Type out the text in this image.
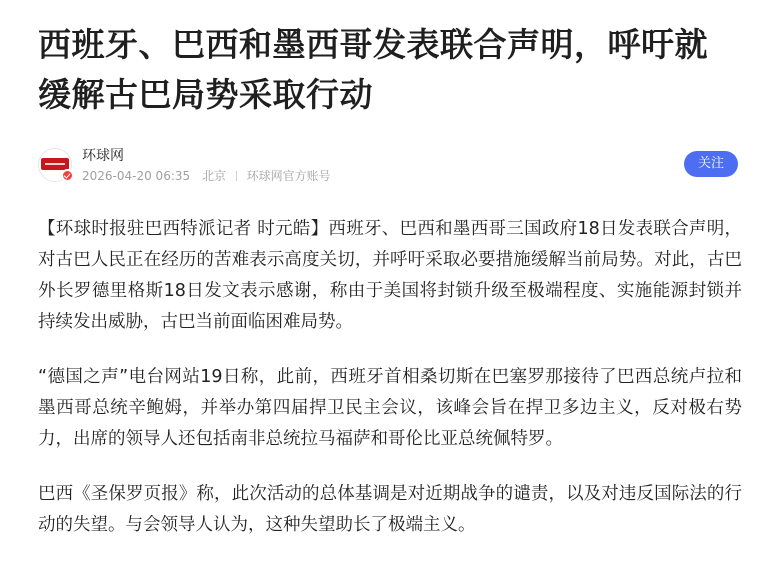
西班牙、巴西和墨西哥发表联合声明，呼吁就缓解古巴局势采取行动
环球网
2026-04-20 06:35 北京 环球网官方账号
关注

【环球时报驻巴西特派记者 时元皓】西班牙、巴西和墨西哥三国政府18日发表联合声明，对古巴人民正在经历的苦难表示高度关切，并呼吁采取必要措施缓解当前局势。对此，古巴外长罗德里格斯18日发文表示感谢，称由于美国将封锁升级至极端程度、实施能源封锁并持续发出威胁，古巴当前面临困难局势。

“德国之声”电台网站19日称，此前，西班牙首相桑切斯在巴塞罗那接待了巴西总统卢拉和墨西哥总统辛鲍姆，并举办第四届捍卫民主会议，该峰会旨在捍卫多边主义，反对极右势力，出席的领导人还包括南非总统拉马福萨和哥伦比亚总统佩特罗。

巴西《圣保罗页报》称，此次活动的总体基调是对近期战争的谴责，以及对违反国际法的行动的失望。与会领导人认为，这种失望助长了极端主义。
